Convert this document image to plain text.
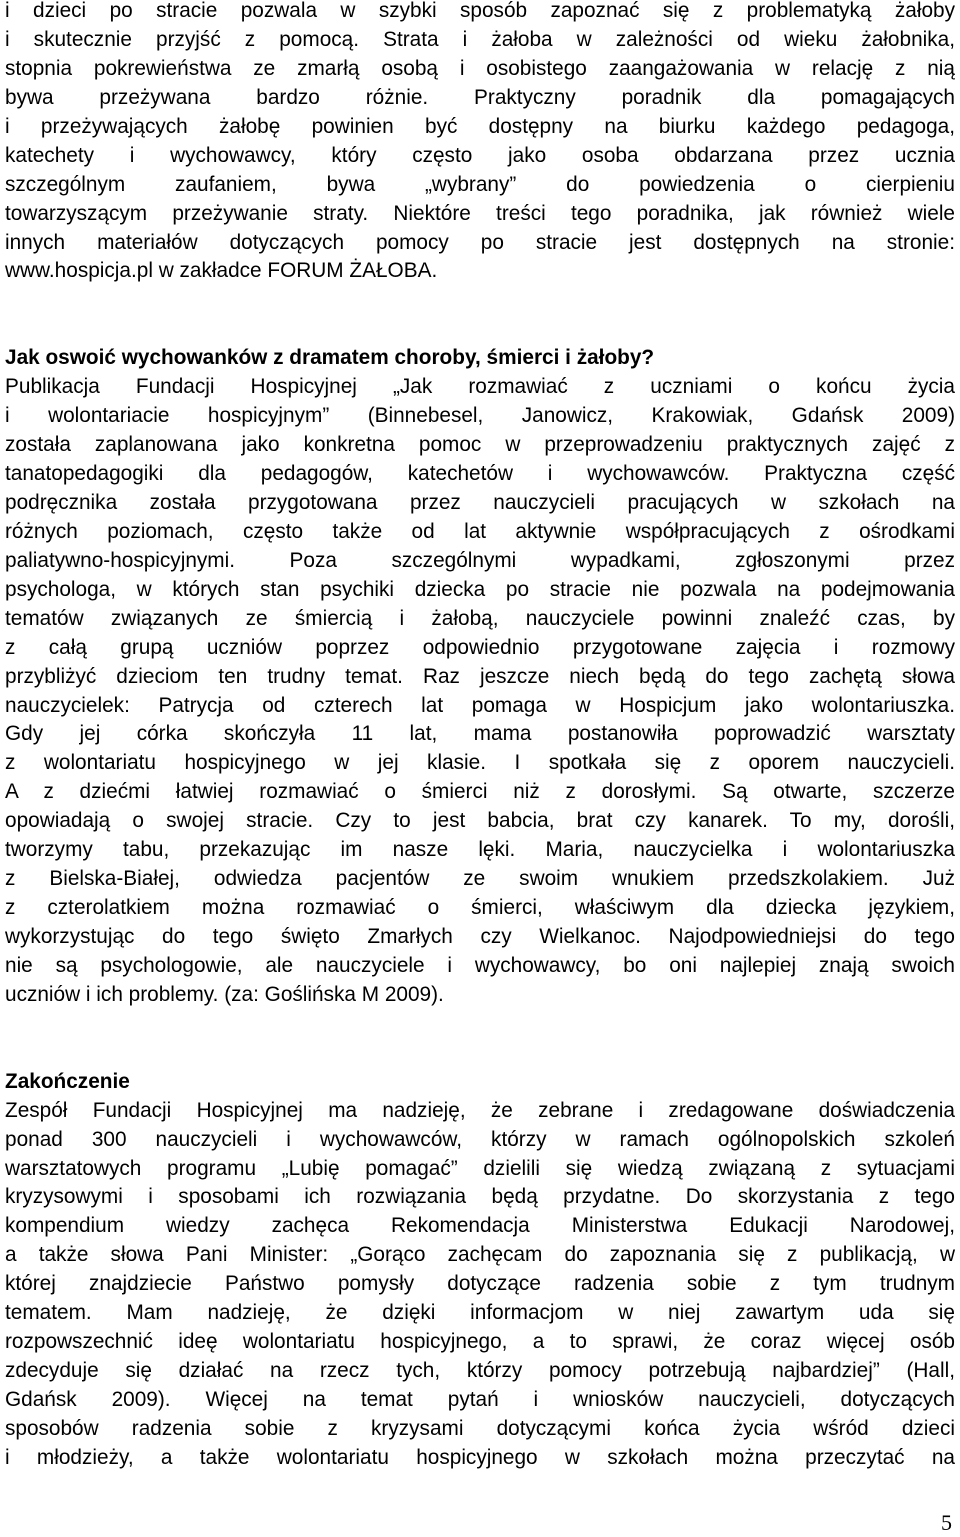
i dzieci po stracie pozwala w szybki sposób zapoznać się z problematyką żałoby
i skutecznie przyjść z pomocą. Strata i żałoba w zależności od wieku żałobnika,
stopnia pokrewieństwa ze zmarłą osobą i osobistego zaangażowania w relację z nią
bywa przeżywana bardzo różnie. Praktyczny poradnik dla pomagających
i przeżywających żałobę powinien być dostępny na biurku każdego pedagoga,
katechety i wychowawcy, który często jako osoba obdarzana przez ucznia
szczególnym zaufaniem, bywa „wybrany” do powiedzenia o cierpieniu
towarzyszącym przeżywanie straty. Niektóre treści tego poradnika, jak również wiele
innych materiałów dotyczących pomocy po stracie jest dostępnych na stronie:
www.hospicja.pl w zakładce FORUM ŻAŁOBA.
Jak oswoić wychowanków z dramatem choroby, śmierci i żałoby?
Publikacja Fundacji Hospicyjnej „Jak rozmawiać z uczniami o końcu życia
i wolontariacie hospicyjnym” (Binnebesel, Janowicz, Krakowiak, Gdańsk 2009)
została zaplanowana jako konkretna pomoc w przeprowadzeniu praktycznych zajęć z
tanatopedagogiki dla pedagogów, katechetów i wychowawców. Praktyczna część
podręcznika została przygotowana przez nauczycieli pracujących w szkołach na
różnych poziomach, często także od lat aktywnie współpracujących z ośrodkami
paliatywno-hospicyjnymi. Poza szczególnymi wypadkami, zgłoszonymi przez
psychologa, w których stan psychiki dziecka po stracie nie pozwala na podejmowania
tematów związanych ze śmiercią i żałobą, nauczyciele powinni znaleźć czas, by
z całą grupą uczniów poprzez odpowiednio przygotowane zajęcia i rozmowy
przybliżyć dzieciom ten trudny temat. Raz jeszcze niech będą do tego zachętą słowa
nauczycielek: Patrycja od czterech lat pomaga w Hospicjum jako wolontariuszka.
Gdy jej córka skończyła 11 lat, mama postanowiła poprowadzić warsztaty
z wolontariatu hospicyjnego w jej klasie. I spotkała się z oporem nauczycieli.
A z dziećmi łatwiej rozmawiać o śmierci niż z dorosłymi. Są otwarte, szczerze
opowiadają o swojej stracie. Czy to jest babcia, brat czy kanarek. To my, dorośli,
tworzymy tabu, przekazując im nasze lęki. Maria, nauczycielka i wolontariuszka
z Bielska-Białej, odwiedza pacjentów ze swoim wnukiem przedszkolakiem. Już
z czterolatkiem można rozmawiać o śmierci, właściwym dla dziecka językiem,
wykorzystując do tego święto Zmarłych czy Wielkanoc. Najodpowiedniejsi do tego
nie są psychologowie, ale nauczyciele i wychowawcy, bo oni najlepiej znają swoich
uczniów i ich problemy. (za: Goślińska M 2009).
Zakończenie
Zespół Fundacji Hospicyjnej ma nadzieję, że zebrane i zredagowane doświadczenia
ponad 300 nauczycieli i wychowawców, którzy w ramach ogólnopolskich szkoleń
warsztatowych programu „Lubię pomagać” dzielili się wiedzą związaną z sytuacjami
kryzysowymi i sposobami ich rozwiązania będą przydatne. Do skorzystania z tego
kompendium wiedzy zachęca Rekomendacja Ministerstwa Edukacji Narodowej,
a także słowa Pani Minister: „Gorąco zachęcam do zapoznania się z publikacją, w
której znajdziecie Państwo pomysły dotyczące radzenia sobie z tym trudnym
tematem. Mam nadzieję, że dzięki informacjom w niej zawartym uda się
rozpowszechnić ideę wolontariatu hospicyjnego, a to sprawi, że coraz więcej osób
zdecyduje się działać na rzecz tych, którzy pomocy potrzebują najbardziej” (Hall,
Gdańsk 2009). Więcej na temat pytań i wniosków nauczycieli, dotyczących
sposobów radzenia sobie z kryzysami dotyczącymi końca życia wśród dzieci
i młodzieży, a także wolontariatu hospicyjnego w szkołach można przeczytać na
5
